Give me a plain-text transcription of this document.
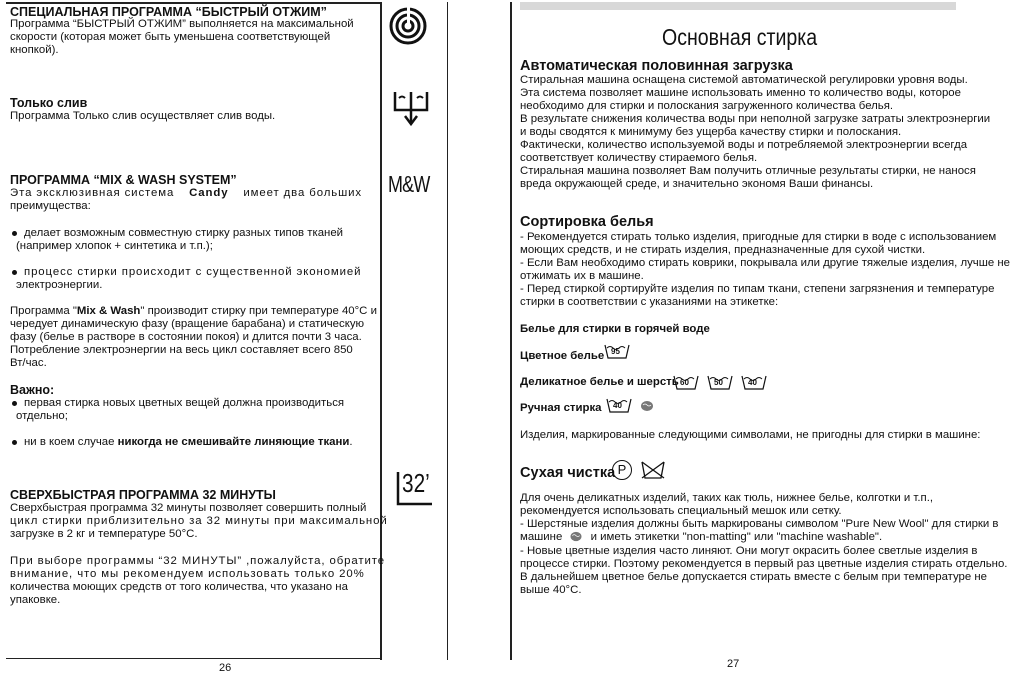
СПЕЦИАЛЬНАЯ ПРОГРАММА “БЫСТРЫЙ ОТЖИМ”
Программа “БЫСТРЫЙ ОТЖИМ” выполняется на максимальной
скорости (которая может быть уменьшена соответствующей
кнопкой).
Только слив
Программа Только слив осуществляет слив воды.
ПРОГРАММА “MIX & WASH SYSTEM”
Эта эксклюзивная система Candy имеет два больших
преимущества:
делает возможным совместную стирку разных типов тканей
(например хлопок + синтетика и т.п.);
процесс стирки происходит с существенной экономией
электроэнергии.
Программа "Mix & Wash" производит стирку при температуре 40°C и
чередует динамическую фазу (вращение барабана) и статическую
фазу (белье в растворе в состоянии покоя) и длится почти 3 часа.
Потребление электроэнергии на весь цикл составляет всего 850
Вт/час.
Важно:
первая стирка новых цветных вещей должна производиться
отдельно;
ни в коем случае никогда не смешивайте линяющие ткани.
СВЕРХБЫСТРАЯ ПРОГРАММА 32 МИНУТЫ
Сверхбыстрая программа 32 минуты позволяет совершить полный
цикл стирки приблизительно за 32 минуты при максимальной
загрузке в 2 кг и температуре 50°C.
При выборе программы “32 МИНУТЫ” ,пожалуйста, обратите
внимание, что мы рекомендуем использовать только 20%
количества моющих средств от того количества, что указано на
упаковке.
26
M&W
32’
Основная стирка
Автоматическая половинная загрузка
Стиральная машина оснащена системой автоматической регулировки уровня воды.
Эта система позволяет машине использовать именно то количество воды, которое
необходимо для стирки и полоскания загруженного количества белья.
В результате снижения количества воды при неполной загрузке затраты электроэнергии
и воды сводятся к минимуму без ущерба качеству стирки и полоскания.
Фактически, количество используемой воды и потребляемой электроэнергии всегда
соответствует количеству стираемого белья.
Стиральная машина позволяет Вам получить отличные результаты стирки, не нанося
вреда окружающей среде, и значительно экономя Ваши финансы.
Сортировка белья
- Рекомендуется стирать только изделия, пригодные для стирки в воде с использованием
моющих средств, и не стирать изделия, предназначенные для сухой чистки.
- Если Вам необходимо стирать коврики, покрывала или другие тяжелые изделия, лучше не
отжимать их в машине.
- Перед стиркой сортируйте изделия по типам ткани, степени загрязнения и температуре
стирки в соответствии с указаниями на этикетке:
Белье для стирки в горячей воде
Цветное белье 95
Деликатное белье и шерсть 60	50	40
Ручная стирка 40
Изделия, маркированные следующими символами, не пригодны для стирки в машине:
Сухая чистка P
Для очень деликатных изделий, таких как тюль, нижнее белье, колготки и т.п.,
рекомендуется использовать специальный мешок или сетку.
- Шерстяные изделия должны быть маркированы символом "Pure New Wool" для стирки в
машине и иметь этикетки "non-matting" или "machine washable".
- Новые цветные изделия часто линяют. Они могут окрасить более светлые изделия в
процессе стирки. Поэтому рекомендуется в первый раз цветные изделия стирать отдельно.
В дальнейшем цветное белье допускается стирать вместе с белым при температуре не
выше 40°C.
27
